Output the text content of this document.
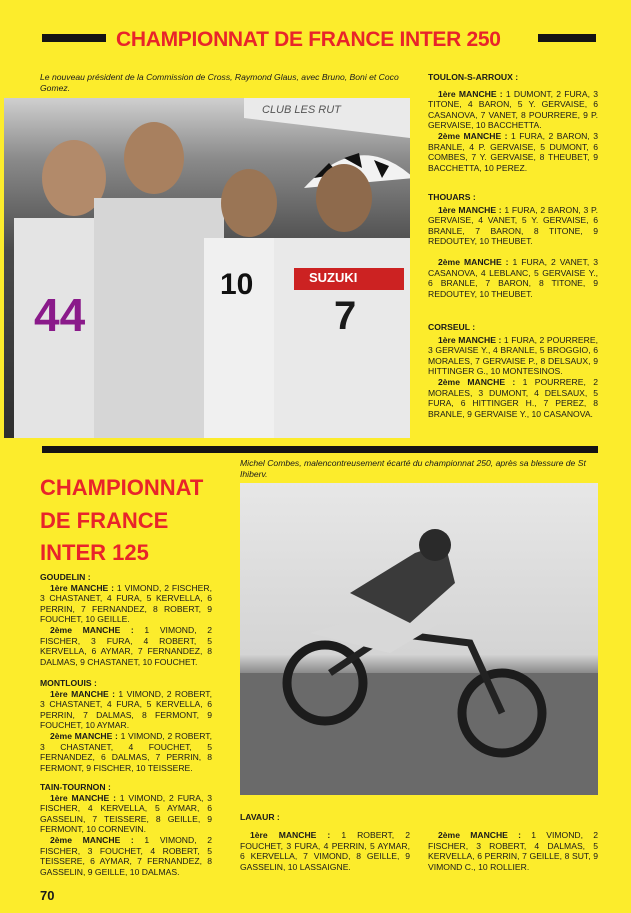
CHAMPIONNAT DE FRANCE INTER 250
Le nouveau président de la Commission de Cross, Raymond Glaus, avec Bruno, Boni et Coco Gomez.
CLUB LES RUT
44
10	SUZUKI
7
TOULON-S-ARROUX :

1ère MANCHE : 1 DUMONT, 2 FURA, 3 TITONE, 4 BARON, 5 Y. GERVAISE, 6 CASANOVA, 7 VANET, 8 POURRERE, 9 P. GERVAISE, 10 BACCHETTA.

2ème MANCHE : 1 FURA, 2 BARON, 3 BRANLE, 4 P. GERVAISE, 5 DUMONT, 6 COMBES, 7 Y. GERVAISE, 8 THEUBET, 9 BACCHETTA, 10 PEREZ.

THOUARS :

1ère MANCHE : 1 FURA, 2 BARON, 3 P. GERVAISE, 4 VANET, 5 Y. GERVAISE, 6 BRANLE, 7 BARON, 8 TITONE, 9 REDOUTEY, 10 THEUBET.

2ème MANCHE : 1 FURA, 2 VANET, 3 CASANOVA, 4 LEBLANC, 5 GERVAISE Y., 6 BRANLE, 7 BARON, 8 TITONE, 9 REDOUTEY, 10 THEUBET.

CORSEUL :

1ère MANCHE : 1 FURA, 2 POURRERE, 3 GERVAISE Y., 4 BRANLE, 5 BROGGIO, 6 MORALES, 7 GERVAISE P., 8 DELSAUX, 9 HITTINGER G., 10 MONTESINOS.

2ème MANCHE : 1 POURRERE, 2 MORALES, 3 DUMONT, 4 DELSAUX, 5 FURA, 6 HITTINGER H., 7 PEREZ, 8 BRANLE, 9 GERVAISE Y., 10 CASANOVA.

Michel Combes, malencontreusement écarté du championnat 250, après sa blessure de St Ihiberv.
CHAMPIONNAT
DE FRANCE
INTER 125
GOUDELIN :

1ère MANCHE : 1 VIMOND, 2 FISCHER, 3 CHASTANET, 4 FURA, 5 KERVELLA, 6 PERRIN, 7 FERNANDEZ, 8 ROBERT, 9 FOUCHET, 10 GEILLE.

2ème MANCHE : 1 VIMOND, 2 FISCHER, 3 FURA, 4 ROBERT, 5 KERVELLA, 6 AYMAR, 7 FERNANDEZ, 8 DALMAS, 9 CHASTANET, 10 FOUCHET.

MONTLOUIS :

1ère MANCHE : 1 VIMOND, 2 ROBERT, 3 CHASTANET, 4 FURA, 5 KERVELLA, 6 PERRIN, 7 DALMAS, 8 FERMONT, 9 FOUCHET, 10 AYMAR.

2ème MANCHE : 1 VIMOND, 2 ROBERT, 3 CHASTANET, 4 FOUCHET, 5 FERNANDEZ, 6 DALMAS, 7 PERRIN, 8 FERMONT, 9 FISCHER, 10 TEISSERE.

TAIN-TOURNON :

1ère MANCHE : 1 VIMOND, 2 FURA, 3 FISCHER, 4 KERVELLA, 5 AYMAR, 6 GASSELIN, 7 TEISSERE, 8 GEILLE, 9 FERMONT, 10 CORNEVIN.

2ème MANCHE : 1 VIMOND, 2 FISCHER, 3 FOUCHET, 4 ROBERT, 5 TEISSERE, 6 AYMAR, 7 FERNANDEZ, 8 GASSELIN, 9 GEILLE, 10 DALMAS.

LAVAUR :

1ère MANCHE : 1 ROBERT, 2 FOUCHET, 3 FURA, 4 PERRIN, 5 AYMAR, 6 KERVELLA, 7 VIMOND, 8 GEILLE, 9 GASSELIN, 10 LASSAIGNE.

2ème MANCHE : 1 VIMOND, 2 FISCHER, 3 ROBERT, 4 DALMAS, 5 KERVELLA, 6 PERRIN, 7 GEILLE, 8 SUT, 9 VIMOND C., 10 ROLLIER.

70
